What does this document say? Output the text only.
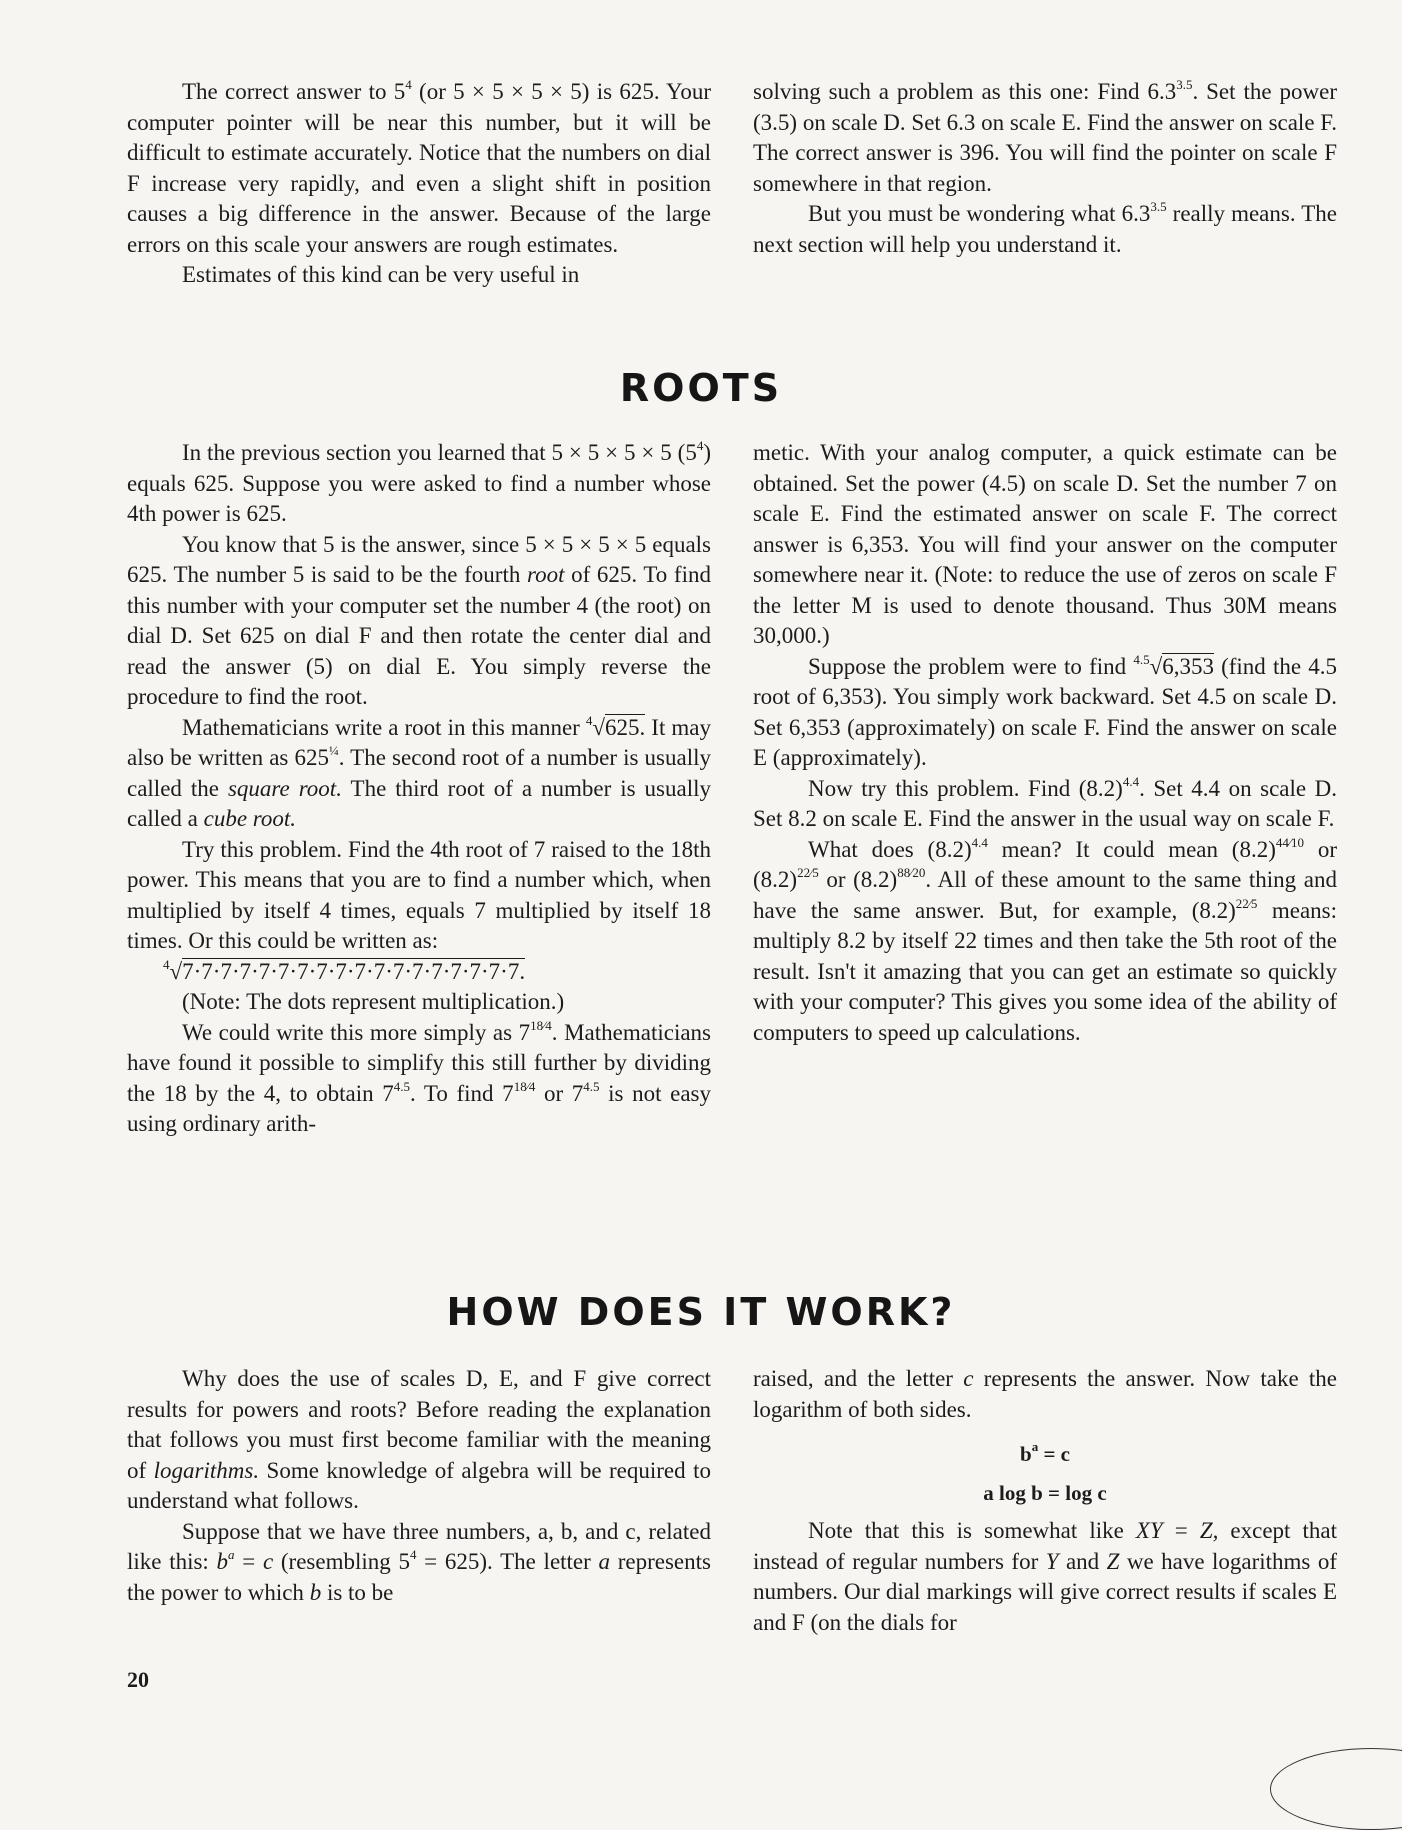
The correct answer to $5^4$ (or 5 × 5 × 5 × 5) is 625. Your computer pointer will be near this number, but it will be difficult to estimate accurately. Notice that the numbers on dial F increase very rapidly, and even a slight shift in position causes a big difference in the answer. Because of the large errors on this scale your answers are rough estimates.

Estimates of this kind can be very useful in

solving such a problem as this one: Find $6.3^{3.5}$. Set the power (3.5) on scale D. Set 6.3 on scale E. Find the answer on scale F. The correct answer is 396. You will find the pointer on scale F somewhere in that region.

But you must be wondering what $6.3^{3.5}$ really means. The next section will help you understand it.

ROOTS

In the previous section you learned that 5 × 5 × 5 × 5 $(5^4)$ equals 625. Suppose you were asked to find a number whose 4th power is 625.

You know that 5 is the answer, since 5 × 5 × 5 × 5 equals 625. The number 5 is said to be the fourth root of 625. To find this number with your computer set the number 4 (the root) on dial D. Set 625 on dial F and then rotate the center dial and read the answer (5) on dial E. You simply reverse the procedure to find the root.

Mathematicians write a root in this manner $^4$√625. It may also be written as $625^{\frac{1}{4}}$. The second root of a number is usually called the square root. The third root of a number is usually called a cube root.

Try this problem. Find the 4th root of 7 raised to the 18th power. This means that you are to find a number which, when multiplied by itself 4 times, equals 7 multiplied by itself 18 times. Or this could be written as:

$^4$√7·7·7·7·7·7·7·7·7·7·7·7·7·7·7·7·7·7.

(Note: The dots represent multiplication.)

We could write this more simply as $7^{18⁄4}$. Mathematicians have found it possible to simplify this still further by dividing the 18 by the 4, to obtain $7^{4.5}$. To find $7^{18⁄4}$ or $7^{4.5}$ is not easy using ordinary arith-

metic. With your analog computer, a quick estimate can be obtained. Set the power (4.5) on scale D. Set the number 7 on scale E. Find the estimated answer on scale F. The correct answer is 6,353. You will find your answer on the computer somewhere near it. (Note: to reduce the use of zeros on scale F the letter M is used to denote thousand. Thus 30M means 30,000.)

Suppose the problem were to find $^{4.5}$√6,353 (find the 4.5 root of 6,353). You simply work backward. Set 4.5 on scale D. Set 6,353 (approximately) on scale F. Find the answer on scale E (approximately).

Now try this problem. Find $(8.2)^{4.4}$. Set 4.4 on scale D. Set 8.2 on scale E. Find the answer in the usual way on scale F.

What does $(8.2)^{4.4}$ mean? It could mean $(8.2)^{44⁄10}$ or $(8.2)^{22⁄5}$ or $(8.2)^{88⁄20}$. All of these amount to the same thing and have the same answer. But, for example, $(8.2)^{22⁄5}$ means: multiply 8.2 by itself 22 times and then take the 5th root of the result. Isn't it amazing that you can get an estimate so quickly with your computer? This gives you some idea of the ability of computers to speed up calculations.

HOW DOES IT WORK?

Why does the use of scales D, E, and F give correct results for powers and roots? Before reading the explanation that follows you must first become familiar with the meaning of logarithms. Some knowledge of algebra will be required to understand what follows.

Suppose that we have three numbers, a, b, and c, related like this: $b^a = c$ (resembling $5^4 = 625$). The letter a represents the power to which b is to be

raised, and the letter c represents the answer. Now take the logarithm of both sides.

$b^a = c$

a log b = log c

Note that this is somewhat like XY = Z, except that instead of regular numbers for Y and Z we have logarithms of numbers. Our dial markings will give correct results if scales E and F (on the dials for

20
